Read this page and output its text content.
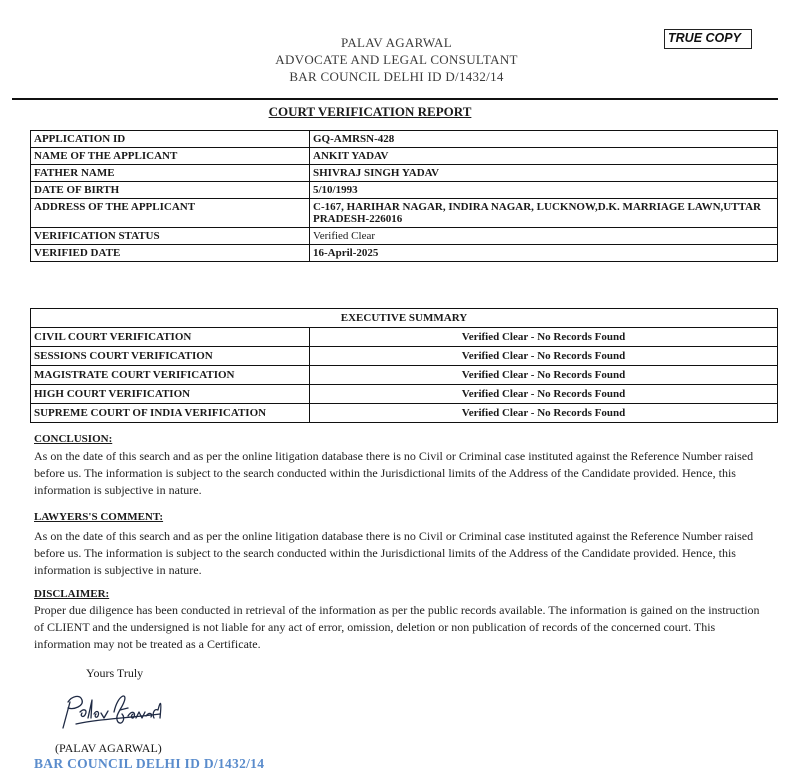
PALAV AGARWAL
ADVOCATE AND LEGAL CONSULTANT
BAR COUNCIL DELHI ID D/1432/14
TRUE COPY
COURT VERIFICATION REPORT
APPLICATION ID	GQ-AMRSN-428
NAME OF THE APPLICANT	ANKIT YADAV
FATHER NAME	SHIVRAJ SINGH YADAV
DATE OF BIRTH	5/10/1993
ADDRESS OF THE APPLICANT	C-167, HARIHAR NAGAR, INDIRA NAGAR, LUCKNOW,D.K. MARRIAGE LAWN,UTTAR PRADESH-226016
VERIFICATION STATUS	Verified Clear
VERIFIED DATE	16-April-2025
EXECUTIVE SUMMARY	
CIVIL COURT VERIFICATION	Verified Clear - No Records Found
SESSIONS COURT VERIFICATION	Verified Clear - No Records Found
MAGISTRATE COURT VERIFICATION	Verified Clear - No Records Found
HIGH COURT VERIFICATION	Verified Clear - No Records Found
SUPREME COURT OF INDIA VERIFICATION	Verified Clear - No Records Found
CONCLUSION:
As on the date of this search and as per the online litigation database there is no Civil or Criminal case instituted against the Reference Number raised before us. The information is subject to the search conducted within the Jurisdictional limits of the Address of the Candidate provided. Hence, this information is subjective in nature.
LAWYERS'S COMMENT:
As on the date of this search and as per the online litigation database there is no Civil or Criminal case instituted against the Reference Number raised before us. The information is subject to the search conducted within the Jurisdictional limits of the Address of the Candidate provided. Hence, this information is subjective in nature.
DISCLAIMER:
Proper due diligence has been conducted in retrieval of the information as per the public records available. The information is gained on the instruction of CLIENT and the undersigned is not liable for any act of error, omission, deletion or non publication of records of the concerned court. This information may not be treated as a Certificate.
Yours Truly
(PALAV AGARWAL)
BAR COUNCIL DELHI ID D/1432/14
